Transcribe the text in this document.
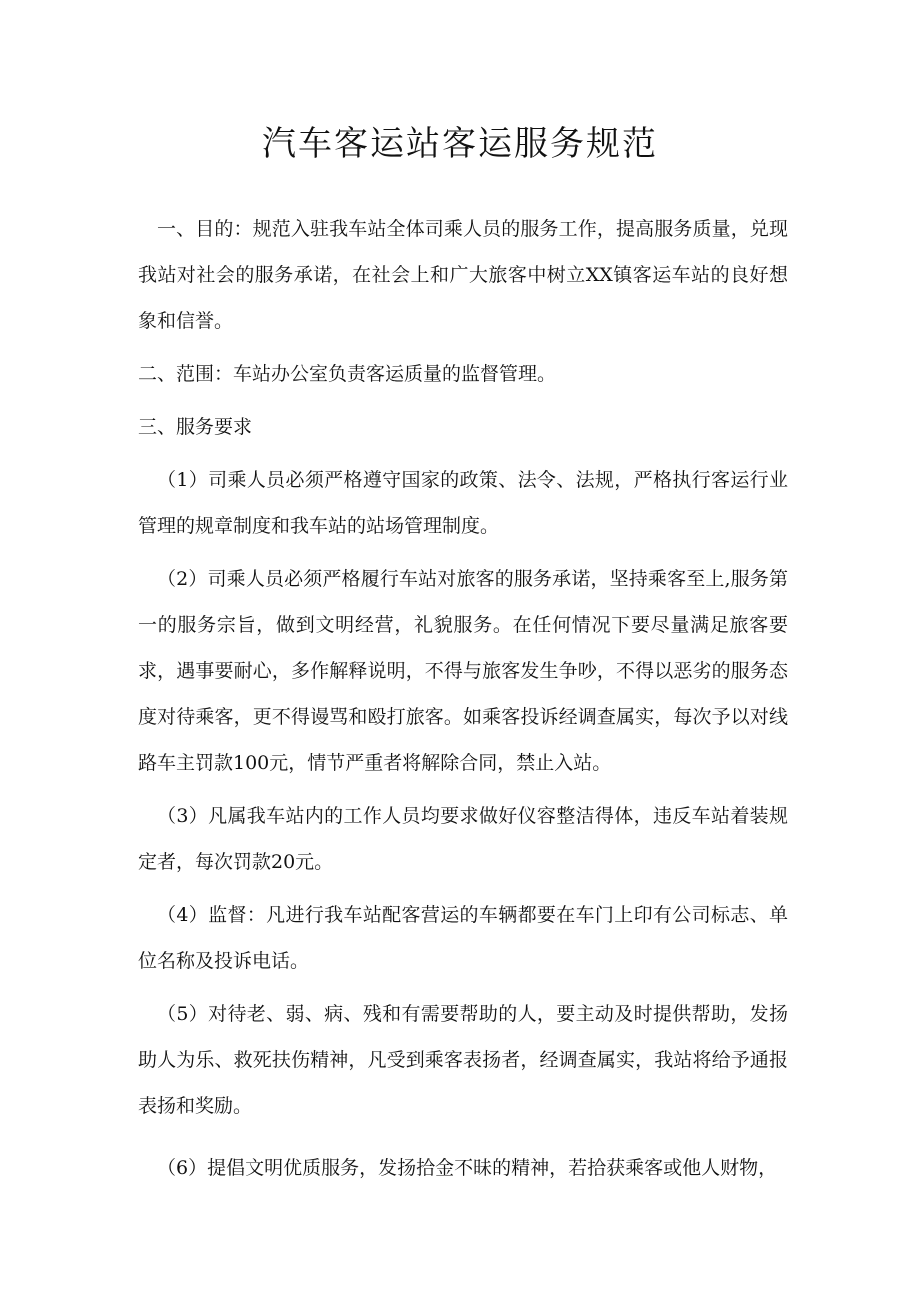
汽车客运站客运服务规范

一、目的：规范入驻我车站全体司乘人员的服务工作，提高服务质量，兑现我站对社会的服务承诺，在社会上和广大旅客中树立XX镇客运车站的良好想象和信誉。

二、范围：车站办公室负责客运质量的监督管理。

三、服务要求

（1）司乘人员必须严格遵守国家的政策、法令、法规，严格执行客运行业管理的规章制度和我车站的站场管理制度。

（2）司乘人员必须严格履行车站对旅客的服务承诺，坚持乘客至上,服务第一的服务宗旨，做到文明经营，礼貌服务。在任何情况下要尽量满足旅客要求，遇事要耐心，多作解释说明，不得与旅客发生争吵，不得以恶劣的服务态度对待乘客，更不得谩骂和殴打旅客。如乘客投诉经调查属实，每次予以对线路车主罚款100元，情节严重者将解除合同，禁止入站。

（3）凡属我车站内的工作人员均要求做好仪容整洁得体，违反车站着装规定者，每次罚款20元。

（4）监督：凡进行我车站配客营运的车辆都要在车门上印有公司标志、单位名称及投诉电话。

（5）对待老、弱、病、残和有需要帮助的人，要主动及时提供帮助，发扬助人为乐、救死扶伤精神，凡受到乘客表扬者，经调查属实，我站将给予通报表扬和奖励。

（6）提倡文明优质服务，发扬拾金不昧的精神，若拾获乘客或他人财物，
